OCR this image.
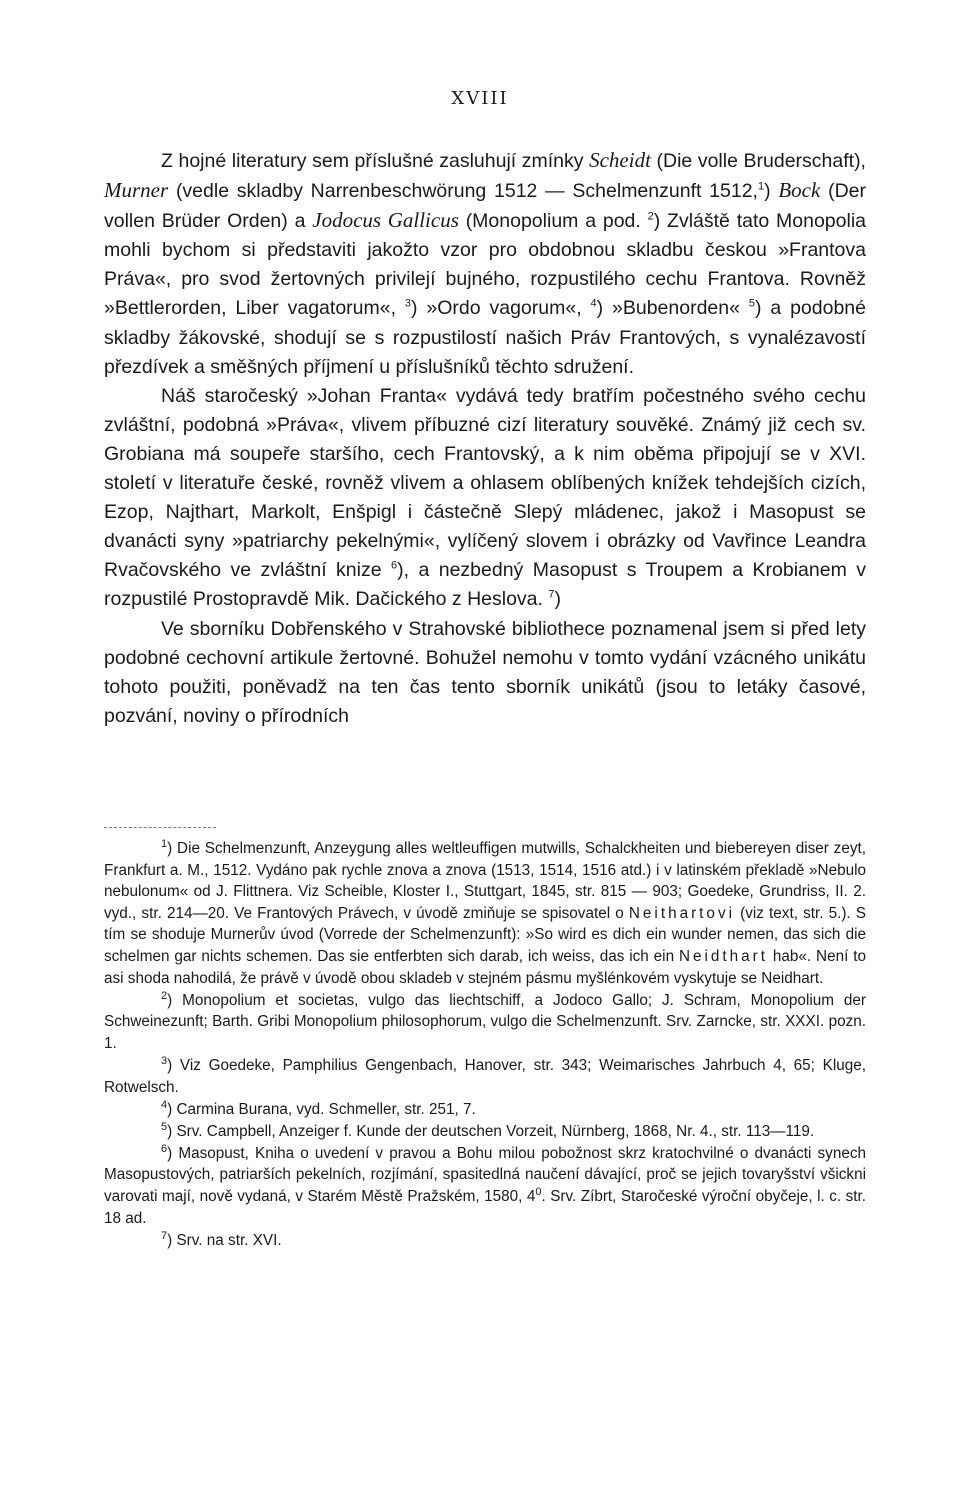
XVIII

Z hojné literatury sem příslušné zasluhují zmínky Scheidt (Die volle Bruderschaft), Murner (vedle skladby Narrenbeschwörung 1512 — Schelmenzunft 1512,$^1$) Bock (Der vollen Brüder Orden) a Jodocus Gallicus (Monopolium a pod. $^2$) Zvláště tato Monopolia mohli bychom si představiti jakožto vzor pro obdobnou skladbu českou »Frantova Práva«, pro svod žertovných privilejí bujného, rozpustilého cechu Frantova. Rovněž »Bettlerorden, Liber vagatorum«, $^3$) »Ordo vagorum«, $^4$) »Bubenorden« $^5$) a podobné skladby žákovské, shodují se s rozpustilostí našich Práv Frantových, s vynalézavostí přezdívek a směšných příjmení u příslušníků těchto sdružení.

Náš staročeský »Johan Franta« vydává tedy bratřím počestného svého cechu zvláštní, podobná »Práva«, vlivem příbuzné cizí literatury souvěké. Známý již cech sv. Grobiana má soupeře staršího, cech Frantovský, a k nim oběma připojují se v XVI. století v literatuře české, rovněž vlivem a ohlasem oblíbených knížek tehdejších cizích, Ezop, Najthart, Markolt, Enšpigl i částečně Slepý mládenec, jakož i Masopust se dvanácti syny »patriarchy pekelnými«, vylíčený slovem i obrázky od Vavřince Leandra Rvačovského ve zvláštní knize $^6$), a nezbedný Masopust s Troupem a Krobianem v rozpustilé Prostopravdě Mik. Dačického z Heslova. $^7$)

Ve sborníku Dobřenského v Strahovské bibliothece poznamenal jsem si před lety podobné cechovní artikule žertovné. Bohužel nemohu v tomto vydání vzácného unikátu tohoto použiti, poněvadž na ten čas tento sborník unikátů (jsou to letáky časové, pozvání, noviny o přírodních

$^1$) Die Schelmenzunft, Anzeygung alles weltleuffigen mutwills, Schalckheiten und biebereyen diser zeyt, Frankfurt a. M., 1512. Vydáno pak rychle znova a znova (1513, 1514, 1516 atd.) i v latinském překladě »Nebulo nebulonum« od J. Flittnera. Viz Scheible, Kloster I., Stuttgart, 1845, str. 815 — 903; Goedeke, Grundriss, II. 2. vyd., str. 214—20. Ve Frantových Právech, v úvodě zmiňuje se spisovatel o Neithartovi (viz text, str. 5.). S tím se shoduje Murnerův úvod (Vorrede der Schelmenzunft): »So wird es dich ein wunder nemen, das sich die schelmen gar nichts schemen. Das sie entferbten sich darab, ich weiss, das ich ein Neidthart hab«. Není to asi shoda nahodilá, že právě v úvodě obou skladeb v stejném pásmu myšlénkovém vyskytuje se Neidhart.

$^2$) Monopolium et societas, vulgo das liechtschiff, a Jodoco Gallo; J. Schram, Monopolium der Schweinezunft; Barth. Gribi Monopolium philosophorum, vulgo die Schelmenzunft. Srv. Zarncke, str. XXXI. pozn. 1.

$^3$) Viz Goedeke, Pamphilius Gengenbach, Hanover, str. 343; Weimarisches Jahrbuch 4, 65; Kluge, Rotwelsch.

$^4$) Carmina Burana, vyd. Schmeller, str. 251, 7.

$^5$) Srv. Campbell, Anzeiger f. Kunde der deutschen Vorzeit, Nürnberg, 1868, Nr. 4., str. 113—119.

$^6$) Masopust, Kniha o uvedení v pravou a Bohu milou pobožnost skrz kratochvilné o dvanácti synech Masopustových, patriarších pekelních, rozjímání, spasitedlná naučení dávající, proč se jejich tovaryšství všickni varovati mají, nově vydaná, v Starém Městě Pražském, 1580, $4^0$. Srv. Zíbrt, Staročeské výroční obyčeje, l. c. str. 18 ad.

$^7$) Srv. na str. XVI.
